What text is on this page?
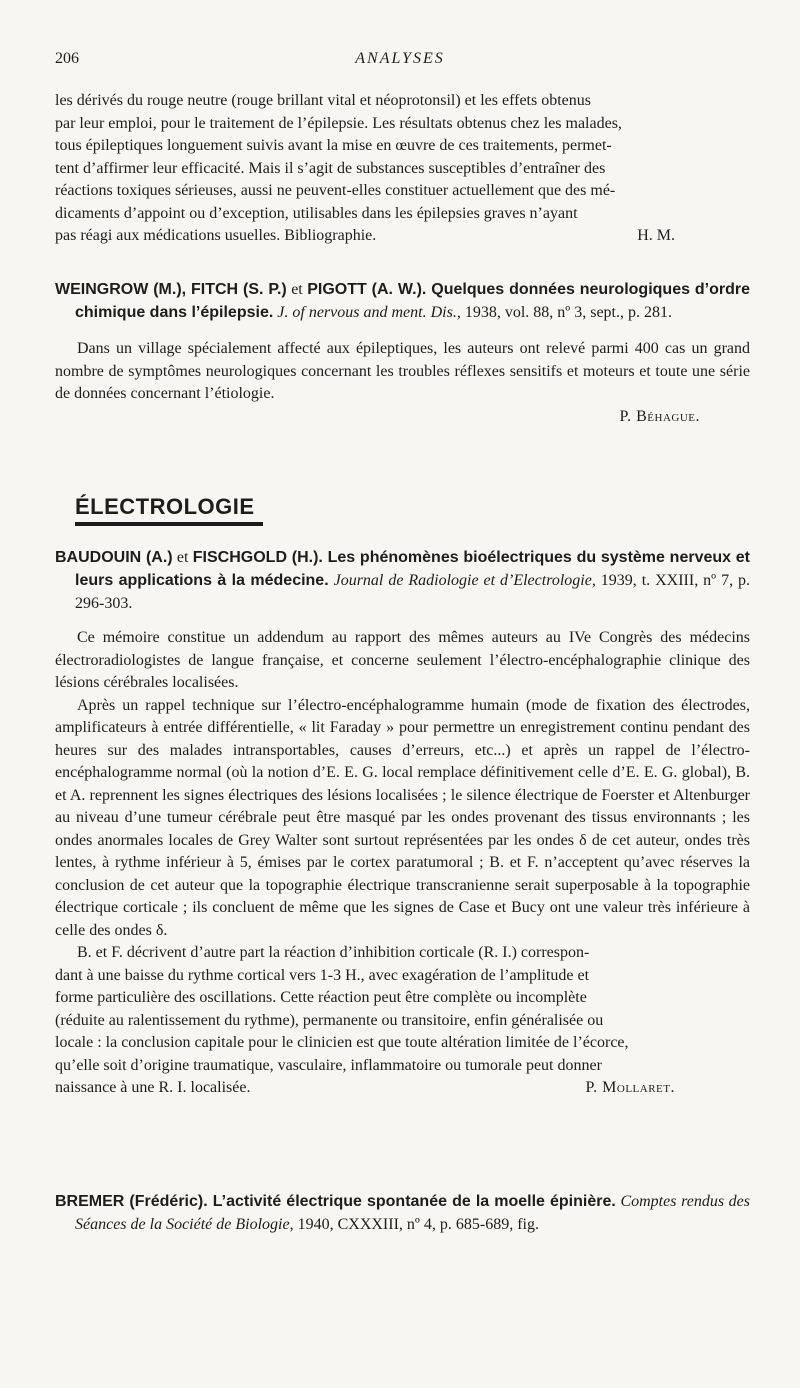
206	ANALYSES

les dérivés du rouge neutre (rouge brillant vital et néoprotonsil) et les effets obtenus

par leur emploi, pour le traitement de l’épilepsie. Les résultats obtenus chez les malades,

tous épileptiques longuement suivis avant la mise en œuvre de ces traitements, permet-

tent d’affirmer leur efficacité. Mais il s’agit de substances susceptibles d’entraîner des

réactions toxiques sérieuses, aussi ne peuvent-elles constituer actuellement que des mé-

dicaments d’appoint ou d’exception, utilisables dans les épilepsies graves n’ayant

pas réagi aux médications usuelles. Bibliographie.	H. M.
WEINGROW (M.), FITCH (S. P.) et PIGOTT (A. W.). Quelques données neurologiques d’ordre chimique dans l’épilepsie. J. of nervous and ment. Dis., 1938, vol. 88, nº 3, sept., p. 281.

Dans un village spécialement affecté aux épileptiques, les auteurs ont relevé parmi 400 cas un grand nombre de symptômes neurologiques concernant les troubles réflexes sensitifs et moteurs et toute une série de données concernant l’étiologie.

P. Béhague.
ÉLECTROLOGIE
BAUDOUIN (A.) et FISCHGOLD (H.). Les phénomènes bioélectriques du système nerveux et leurs applications à la médecine. Journal de Radiologie et d’Electrologie, 1939, t. XXIII, nº 7, p. 296-303.

Ce mémoire constitue un addendum au rapport des mêmes auteurs au IVe Congrès des médecins électroradiologistes de langue française, et concerne seulement l’électro-encéphalographie clinique des lésions cérébrales localisées.

Après un rappel technique sur l’électro-encéphalogramme humain (mode de fixation des électrodes, amplificateurs à entrée différentielle, « lit Faraday » pour permettre un enregistrement continu pendant des heures sur des malades intransportables, causes d’erreurs, etc...) et après un rappel de l’électro-encéphalogramme normal (où la notion d’E. E. G. local remplace définitivement celle d’E. E. G. global), B. et A. reprennent les signes électriques des lésions localisées ; le silence électrique de Foerster et Altenburger au niveau d’une tumeur cérébrale peut être masqué par les ondes provenant des tissus environnants ; les ondes anormales locales de Grey Walter sont surtout représentées par les ondes δ de cet auteur, ondes très lentes, à rythme inférieur à 5, émises par le cortex paratumoral ; B. et F. n’acceptent qu’avec réserves la conclusion de cet auteur que la topographie électrique transcranienne serait superposable à la topographie électrique corticale ; ils concluent de même que les signes de Case et Bucy ont une valeur très inférieure à celle des ondes δ.

B. et F. décrivent d’autre part la réaction d’inhibition corticale (R. I.) correspon-

dant à une baisse du rythme cortical vers 1-3 H., avec exagération de l’amplitude et

forme particulière des oscillations. Cette réaction peut être complète ou incomplète

(réduite au ralentissement du rythme), permanente ou transitoire, enfin généralisée ou

locale : la conclusion capitale pour le clinicien est que toute altération limitée de l’écorce,

qu’elle soit d’origine traumatique, vasculaire, inflammatoire ou tumorale peut donner

naissance à une R. I. localisée.	P. Mollaret.
BREMER (Frédéric). L’activité électrique spontanée de la moelle épinière. Comptes rendus des Séances de la Société de Biologie, 1940, CXXXIII, nº 4, p. 685-689, fig.
